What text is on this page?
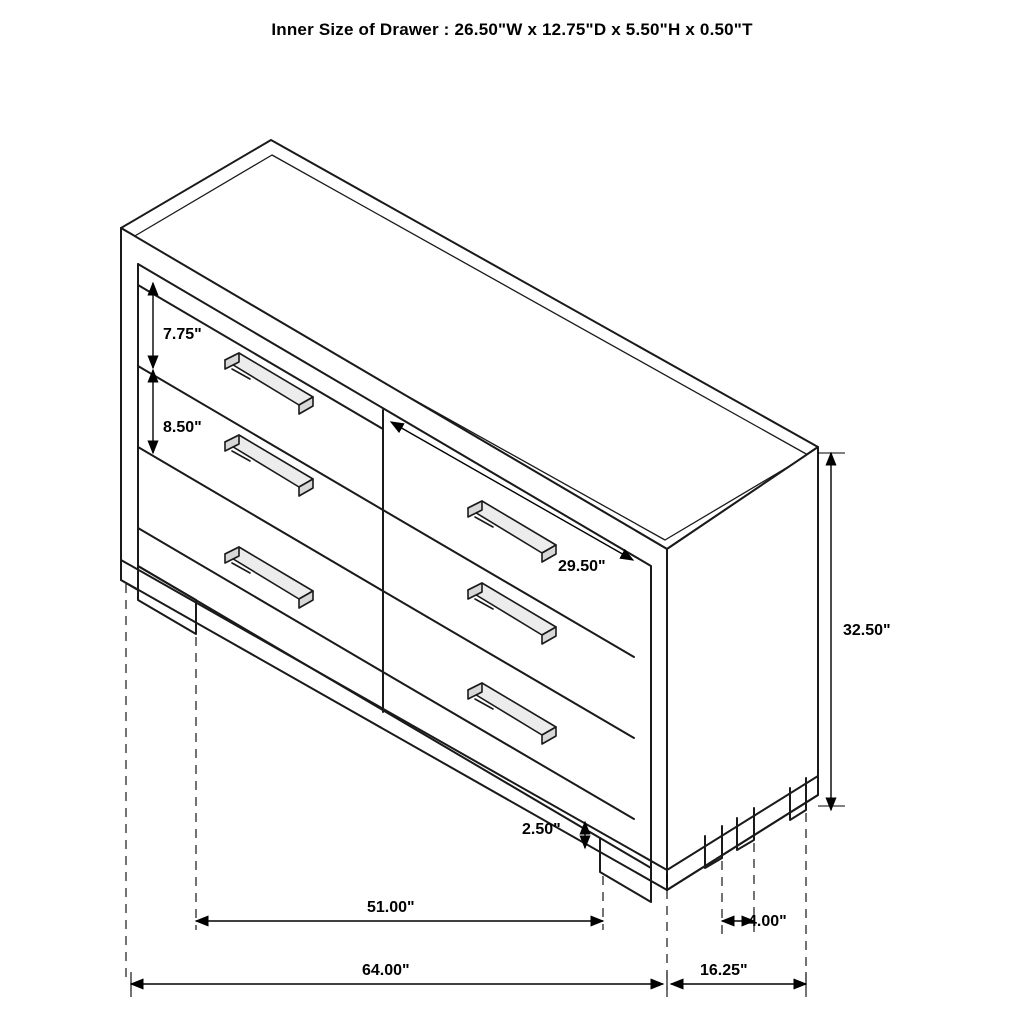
Inner Size of Drawer : 26.50"W x 12.75"D x 5.50"H x 0.50"T
7.75"
8.50"
29.50"
32.50"
2.50"
51.00"
4.00"
64.00"	16.25"
